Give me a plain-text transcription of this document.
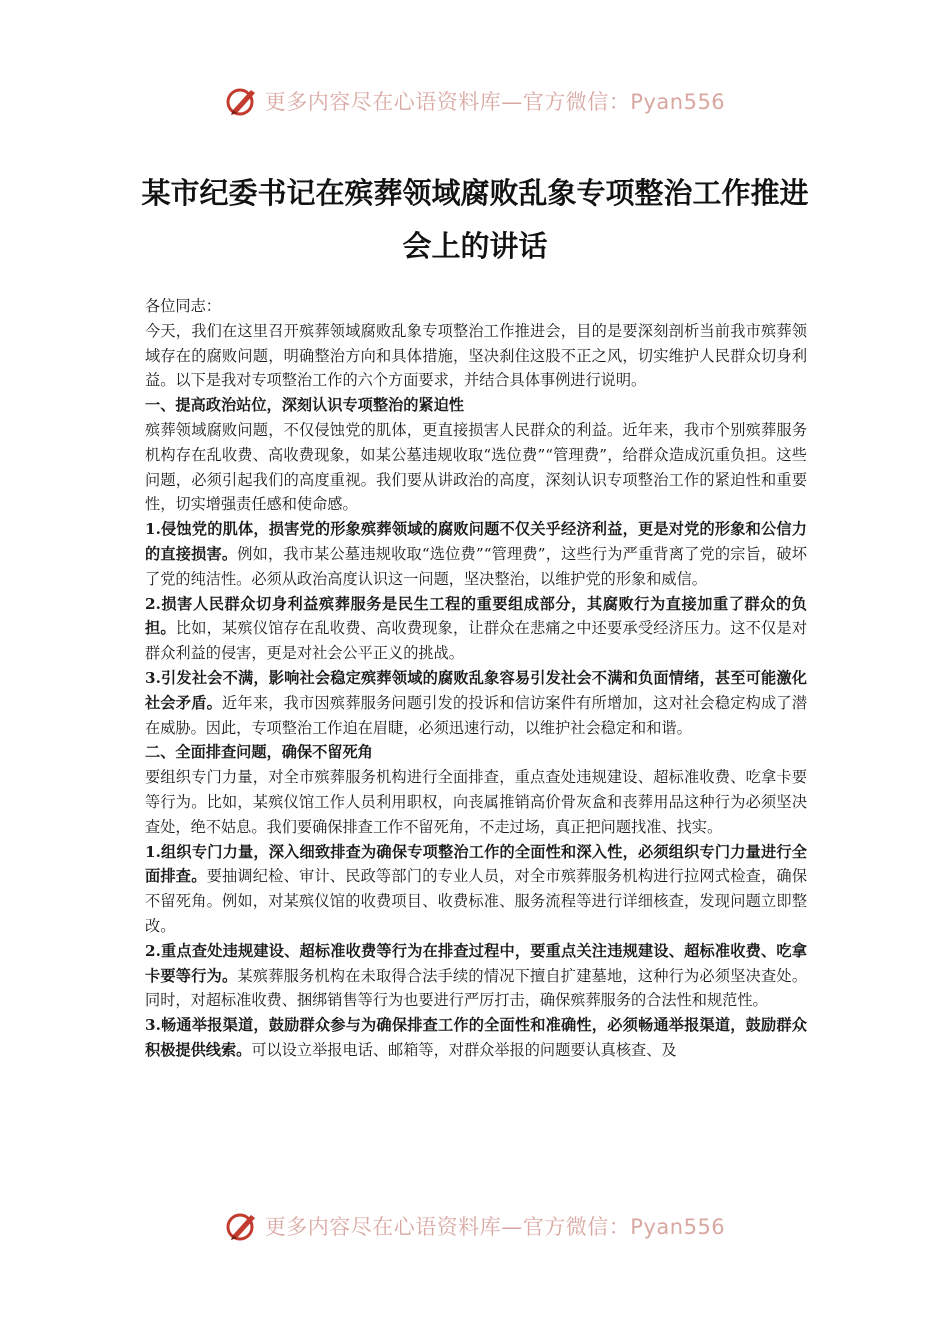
更多内容尽在心语资料库—官方微信：Pyan556
某市纪委书记在殡葬领域腐败乱象专项整治工作推进会上的讲话

各位同志：

今天，我们在这里召开殡葬领域腐败乱象专项整治工作推进会，目的是要深刻剖析当前我市殡葬领域存在的腐败问题，明确整治方向和具体措施，坚决刹住这股不正之风，切实维护人民群众切身利益。以下是我对专项整治工作的六个方面要求，并结合具体事例进行说明。

一、提高政治站位，深刻认识专项整治的紧迫性

殡葬领域腐败问题，不仅侵蚀党的肌体，更直接损害人民群众的利益。近年来，我市个别殡葬服务机构存在乱收费、高收费现象，如某公墓违规收取“选位费”“管理费”，给群众造成沉重负担。这些问题，必须引起我们的高度重视。我们要从讲政治的高度，深刻认识专项整治工作的紧迫性和重要性，切实增强责任感和使命感。

1.侵蚀党的肌体，损害党的形象殡葬领域的腐败问题不仅关乎经济利益，更是对党的形象和公信力的直接损害。例如，我市某公墓违规收取“选位费”“管理费”，这些行为严重背离了党的宗旨，破坏了党的纯洁性。必须从政治高度认识这一问题，坚决整治，以维护党的形象和威信。

2.损害人民群众切身利益殡葬服务是民生工程的重要组成部分，其腐败行为直接加重了群众的负担。比如，某殡仪馆存在乱收费、高收费现象，让群众在悲痛之中还要承受经济压力。这不仅是对群众利益的侵害，更是对社会公平正义的挑战。

3.引发社会不满，影响社会稳定殡葬领域的腐败乱象容易引发社会不满和负面情绪，甚至可能激化社会矛盾。近年来，我市因殡葬服务问题引发的投诉和信访案件有所增加，这对社会稳定构成了潜在威胁。因此，专项整治工作迫在眉睫，必须迅速行动，以维护社会稳定和和谐。

二、全面排查问题，确保不留死角

要组织专门力量，对全市殡葬服务机构进行全面排查，重点查处违规建设、超标准收费、吃拿卡要等行为。比如，某殡仪馆工作人员利用职权，向丧属推销高价骨灰盒和丧葬用品这种行为必须坚决查处，绝不姑息。我们要确保排查工作不留死角，不走过场，真正把问题找准、找实。

1.组织专门力量，深入细致排查为确保专项整治工作的全面性和深入性，必须组织专门力量进行全面排查。要抽调纪检、审计、民政等部门的专业人员，对全市殡葬服务机构进行拉网式检查，确保不留死角。例如，对某殡仪馆的收费项目、收费标准、服务流程等进行详细核查，发现问题立即整改。

2.重点查处违规建设、超标准收费等行为在排查过程中，要重点关注违规建设、超标准收费、吃拿卡要等行为。某殡葬服务机构在未取得合法手续的情况下擅自扩建墓地，这种行为必须坚决查处。同时，对超标准收费、捆绑销售等行为也要进行严厉打击，确保殡葬服务的合法性和规范性。

3.畅通举报渠道，鼓励群众参与为确保排查工作的全面性和准确性，必须畅通举报渠道，鼓励群众积极提供线索。可以设立举报电话、邮箱等，对群众举报的问题要认真核查、及

更多内容尽在心语资料库—官方微信：Pyan556
